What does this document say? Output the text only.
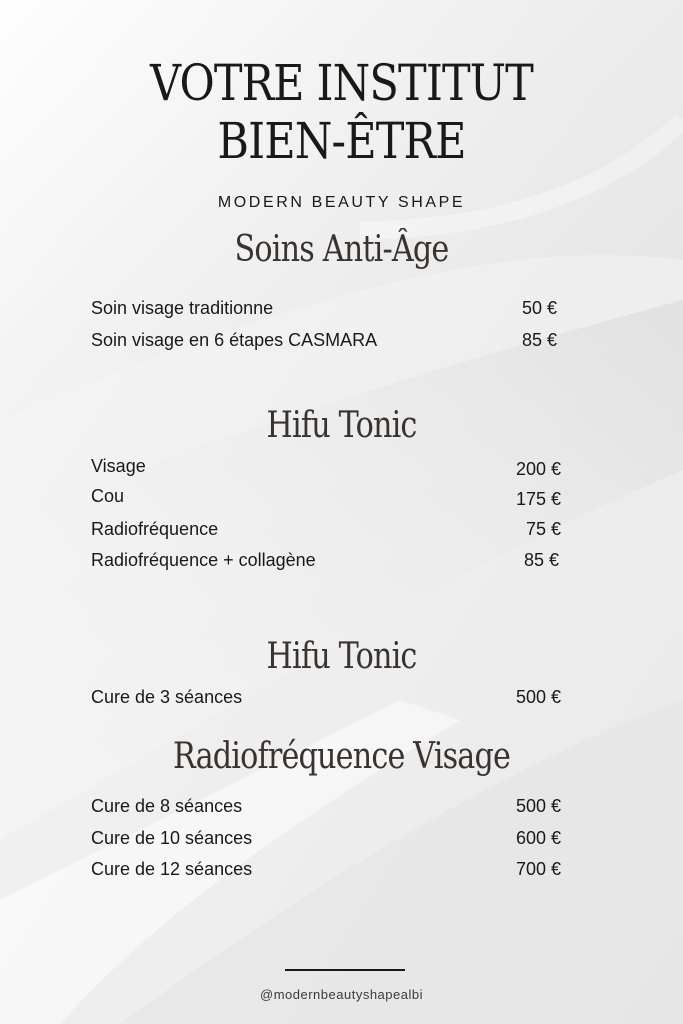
VOTRE INSTITUT
BIEN-ÊTRE
MODERN BEAUTY SHAPE
Soins Anti-Âge
Soin visage traditionne	50 €
Soin visage en 6 étapes CASMARA	85 €
Hifu Tonic
Visage	200 €
Cou	175 €
Radiofréquence	75 €
Radiofréquence + collagène	85 €
Hifu Tonic
Cure de 3 séances	500 €
Radiofréquence Visage
Cure de 8 séances	500 €
Cure de 10 séances	600 €
Cure de 12 séances	700 €
@modernbeautyshapealbi
